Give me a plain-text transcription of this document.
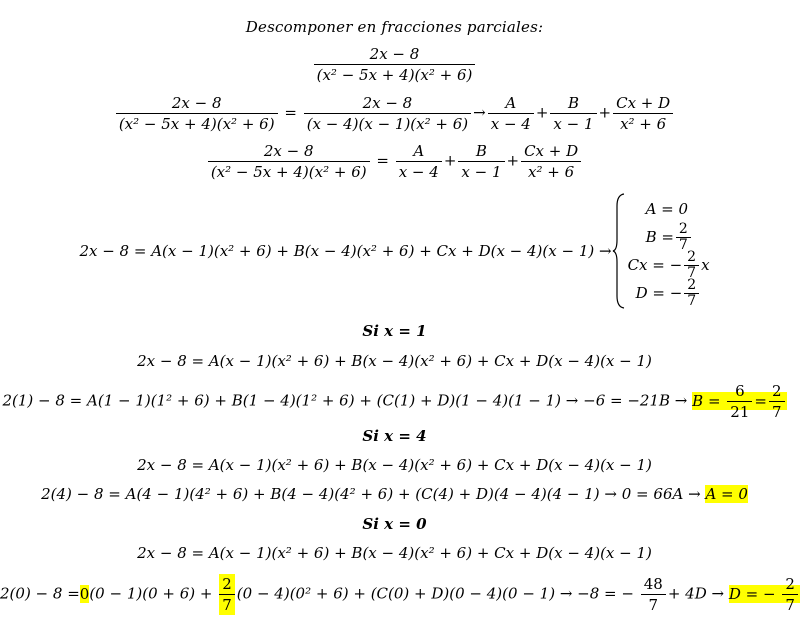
Descomponer en fracciones parciales:
$\frac{2x - 8}{\text{(x² − 5x + 4)(x² + 6)}}$
$\frac{2x - 8}{\text{(x² − 5x + 4)(x² + 6)}} = \frac{2x - 8}{\text{(x − 4)(x − 1)(x² + 6)}} \to \frac{A}{x - 4} + \frac{B}{x - 1} + \frac{Cx + D}{\text{x² + 6}}$
$\frac{2x - 8}{\text{(x² − 5x + 4)(x² + 6)}} = \frac{A}{x - 4} + \frac{B}{x - 1} + \frac{Cx + D}{\text{x² + 6}}$
2x − 8 = A(x − 1)(x² + 6) + B(x − 4)(x² + 6) + Cx + D(x − 4)(x − 1) →
A = 0
$B = \frac{2}{7}$
Cx = − $\frac{2}{7}$ x
D = − $\frac{2}{7}$
Si x = 1
2x − 8 = A(x − 1)(x² + 6) + B(x − 4)(x² + 6) + Cx + D(x − 4)(x − 1)
$2(1) - 8 = A(1 - 1)(1^2 + 6) + B(1 - 4)(1^2 + 6) + (C(1) + D)(1 - 4)(1 - 1) \to -6 = -21B \to B = \frac{6}{21} = \frac{2}{7}$
Si x = 4
2x − 8 = A(x − 1)(x² + 6) + B(x − 4)(x² + 6) + Cx + D(x − 4)(x − 1)
2(4) − 8 = A(4 − 1)(4² + 6) + B(4 − 4)(4² + 6) + (C(4) + D)(4 − 4)(4 − 1) → 0 = 66A → A = 0
Si x = 0
2x − 8 = A(x − 1)(x² + 6) + B(x − 4)(x² + 6) + Cx + D(x − 4)(x − 1)
$2(0) - 8 =0(0 - 1)(0 + 6) + \frac{2}{7} (0 - 4)(0^2 + 6) + (C(0) + D)(0 - 4)(0 - 1) \to -8$ = − $\frac{48}{7} + 4D \to D$ = − $\frac{2}{7}$
